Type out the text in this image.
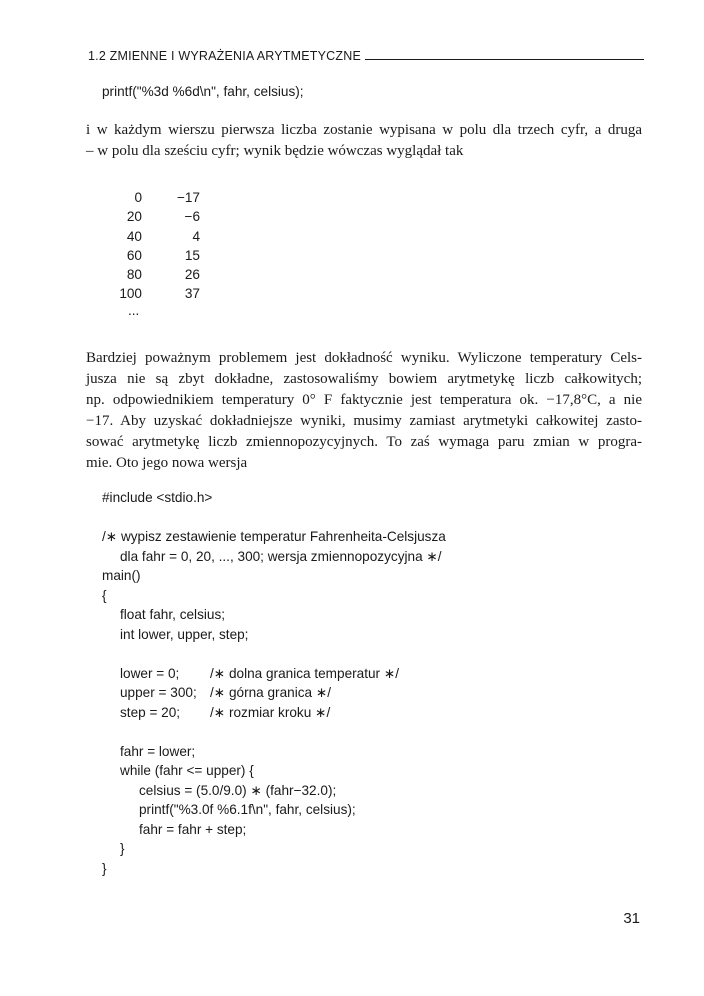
1.2 ZMIENNE I WYRAŻENIA ARYTMETYCZNE
printf("%3d %6d\n", fahr, celsius);
i w każdym wierszu pierwsza liczba zostanie wypisana w polu dla trzech cyfr, a druga
– w polu dla sześciu cyfr; wynik będzie wówczas wyglądał tak
0	−17
20	−6
40	4
60	15
80	26
100	37
...
Bardziej poważnym problemem jest dokładność wyniku. Wyliczone temperatury Cels-
jusza nie są zbyt dokładne, zastosowaliśmy bowiem arytmetykę liczb całkowitych;
np. odpowiednikiem temperatury 0° F faktycznie jest temperatura ok. −17,8°C, a nie
−17. Aby uzyskać dokładniejsze wyniki, musimy zamiast arytmetyki całkowitej zasto-
sować arytmetykę liczb zmiennopozycyjnych. To zaś wymaga paru zmian w progra-
mie. Oto jego nowa wersja
#include <stdio.h>
/∗ wypisz zestawienie temperatur Fahrenheita-Celsjusza
dla fahr = 0, 20, ..., 300; wersja zmiennopozycyjna ∗/
main()
{
float fahr, celsius;
int lower, upper, step;
lower = 0; /∗ dolna granica temperatur ∗/
upper = 300; /∗ górna granica ∗/
step = 20; /∗ rozmiar kroku ∗/
fahr = lower;
while (fahr <= upper) {
celsius = (5.0/9.0) ∗ (fahr−32.0);
printf("%3.0f %6.1f\n", fahr, celsius);
fahr = fahr + step;
}
}
31
